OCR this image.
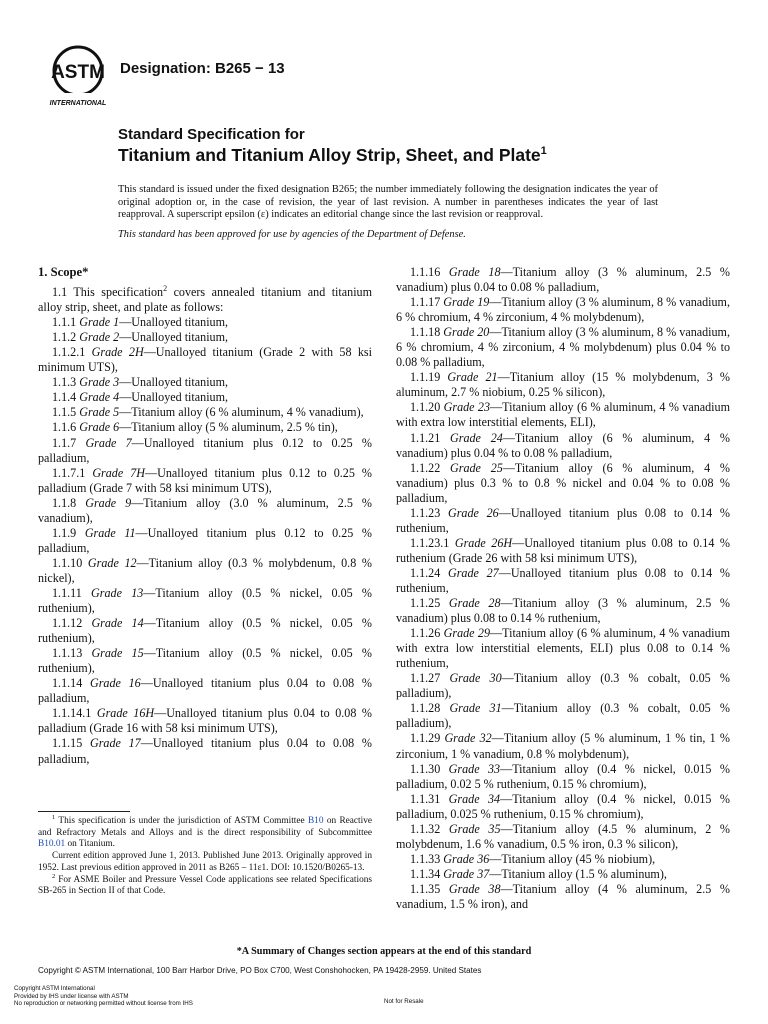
ASTM
INTERNATIONAL
Designation: B265 − 13
Standard Specification for
Titanium and Titanium Alloy Strip, Sheet, and Plate$^1$
This standard is issued under the fixed designation B265; the number immediately following the designation indicates the year of original adoption or, in the case of revision, the year of last revision. A number in parentheses indicates the year of last reapproval. A superscript epsilon (ε) indicates an editorial change since the last revision or reapproval.
This standard has been approved for use by agencies of the Department of Defense.

1. Scope*

1.1 This specification$^2$ covers annealed titanium and titanium alloy strip, sheet, and plate as follows:

1.1.1 Grade 1—Unalloyed titanium,

1.1.2 Grade 2—Unalloyed titanium,

1.1.2.1 Grade 2H—Unalloyed titanium (Grade 2 with 58 ksi minimum UTS),

1.1.3 Grade 3—Unalloyed titanium,

1.1.4 Grade 4—Unalloyed titanium,

1.1.5 Grade 5—Titanium alloy (6 % aluminum, 4 % vanadium),

1.1.6 Grade 6—Titanium alloy (5 % aluminum, 2.5 % tin),

1.1.7 Grade 7—Unalloyed titanium plus 0.12 to 0.25 % palladium,

1.1.7.1 Grade 7H—Unalloyed titanium plus 0.12 to 0.25 % palladium (Grade 7 with 58 ksi minimum UTS),

1.1.8 Grade 9—Titanium alloy (3.0 % aluminum, 2.5 % vanadium),

1.1.9 Grade 11—Unalloyed titanium plus 0.12 to 0.25 % palladium,

1.1.10 Grade 12—Titanium alloy (0.3 % molybdenum, 0.8 % nickel),

1.1.11 Grade 13—Titanium alloy (0.5 % nickel, 0.05 % ruthenium),

1.1.12 Grade 14—Titanium alloy (0.5 % nickel, 0.05 % ruthenium),

1.1.13 Grade 15—Titanium alloy (0.5 % nickel, 0.05 % ruthenium),

1.1.14 Grade 16—Unalloyed titanium plus 0.04 to 0.08 % palladium,

1.1.14.1 Grade 16H—Unalloyed titanium plus 0.04 to 0.08 % palladium (Grade 16 with 58 ksi minimum UTS),

1.1.15 Grade 17—Unalloyed titanium plus 0.04 to 0.08 % palladium,

1.1.16 Grade 18—Titanium alloy (3 % aluminum, 2.5 % vanadium) plus 0.04 to 0.08 % palladium,

1.1.17 Grade 19—Titanium alloy (3 % aluminum, 8 % vanadium, 6 % chromium, 4 % zirconium, 4 % molybdenum),

1.1.18 Grade 20—Titanium alloy (3 % aluminum, 8 % vanadium, 6 % chromium, 4 % zirconium, 4 % molybdenum) plus 0.04 % to 0.08 % palladium,

1.1.19 Grade 21—Titanium alloy (15 % molybdenum, 3 % aluminum, 2.7 % niobium, 0.25 % silicon),

1.1.20 Grade 23—Titanium alloy (6 % aluminum, 4 % vanadium with extra low interstitial elements, ELI),

1.1.21 Grade 24—Titanium alloy (6 % aluminum, 4 % vanadium) plus 0.04 % to 0.08 % palladium,

1.1.22 Grade 25—Titanium alloy (6 % aluminum, 4 % vanadium) plus 0.3 % to 0.8 % nickel and 0.04 % to 0.08 % palladium,

1.1.23 Grade 26—Unalloyed titanium plus 0.08 to 0.14 % ruthenium,

1.1.23.1 Grade 26H—Unalloyed titanium plus 0.08 to 0.14 % ruthenium (Grade 26 with 58 ksi minimum UTS),

1.1.24 Grade 27—Unalloyed titanium plus 0.08 to 0.14 % ruthenium,

1.1.25 Grade 28—Titanium alloy (3 % aluminum, 2.5 % vanadium) plus 0.08 to 0.14 % ruthenium,

1.1.26 Grade 29—Titanium alloy (6 % aluminum, 4 % vanadium with extra low interstitial elements, ELI) plus 0.08 to 0.14 % ruthenium,

1.1.27 Grade 30—Titanium alloy (0.3 % cobalt, 0.05 % palladium),

1.1.28 Grade 31—Titanium alloy (0.3 % cobalt, 0.05 % palladium),

1.1.29 Grade 32—Titanium alloy (5 % aluminum, 1 % tin, 1 % zirconium, 1 % vanadium, 0.8 % molybdenum),

1.1.30 Grade 33—Titanium alloy (0.4 % nickel, 0.015 % palladium, 0.02 5 % ruthenium, 0.15 % chromium),

1.1.31 Grade 34—Titanium alloy (0.4 % nickel, 0.015 % palladium, 0.025 % ruthenium, 0.15 % chromium),

1.1.32 Grade 35—Titanium alloy (4.5 % aluminum, 2 % molybdenum, 1.6 % vanadium, 0.5 % iron, 0.3 % silicon),

1.1.33 Grade 36—Titanium alloy (45 % niobium),

1.1.34 Grade 37—Titanium alloy (1.5 % aluminum),

1.1.35 Grade 38—Titanium alloy (4 % aluminum, 2.5 % vanadium, 1.5 % iron), and

$^1$ This specification is under the jurisdiction of ASTM Committee B10 on Reactive and Refractory Metals and Alloys and is the direct responsibility of Subcommittee B10.01 on Titanium.

Current edition approved June 1, 2013. Published June 2013. Originally approved in 1952. Last previous edition approved in 2011 as B265 – 11ε1. DOI: 10.1520/B0265-13.

$^2$ For ASME Boiler and Pressure Vessel Code applications see related Specifications SB-265 in Section II of that Code.

*A Summary of Changes section appears at the end of this standard
Copyright © ASTM International, 100 Barr Harbor Drive, PO Box C700, West Conshohocken, PA 19428-2959. United States
Copyright ASTM International
Provided by IHS under license with ASTM
No reproduction or networking permitted without license from IHS	Not for Resale
